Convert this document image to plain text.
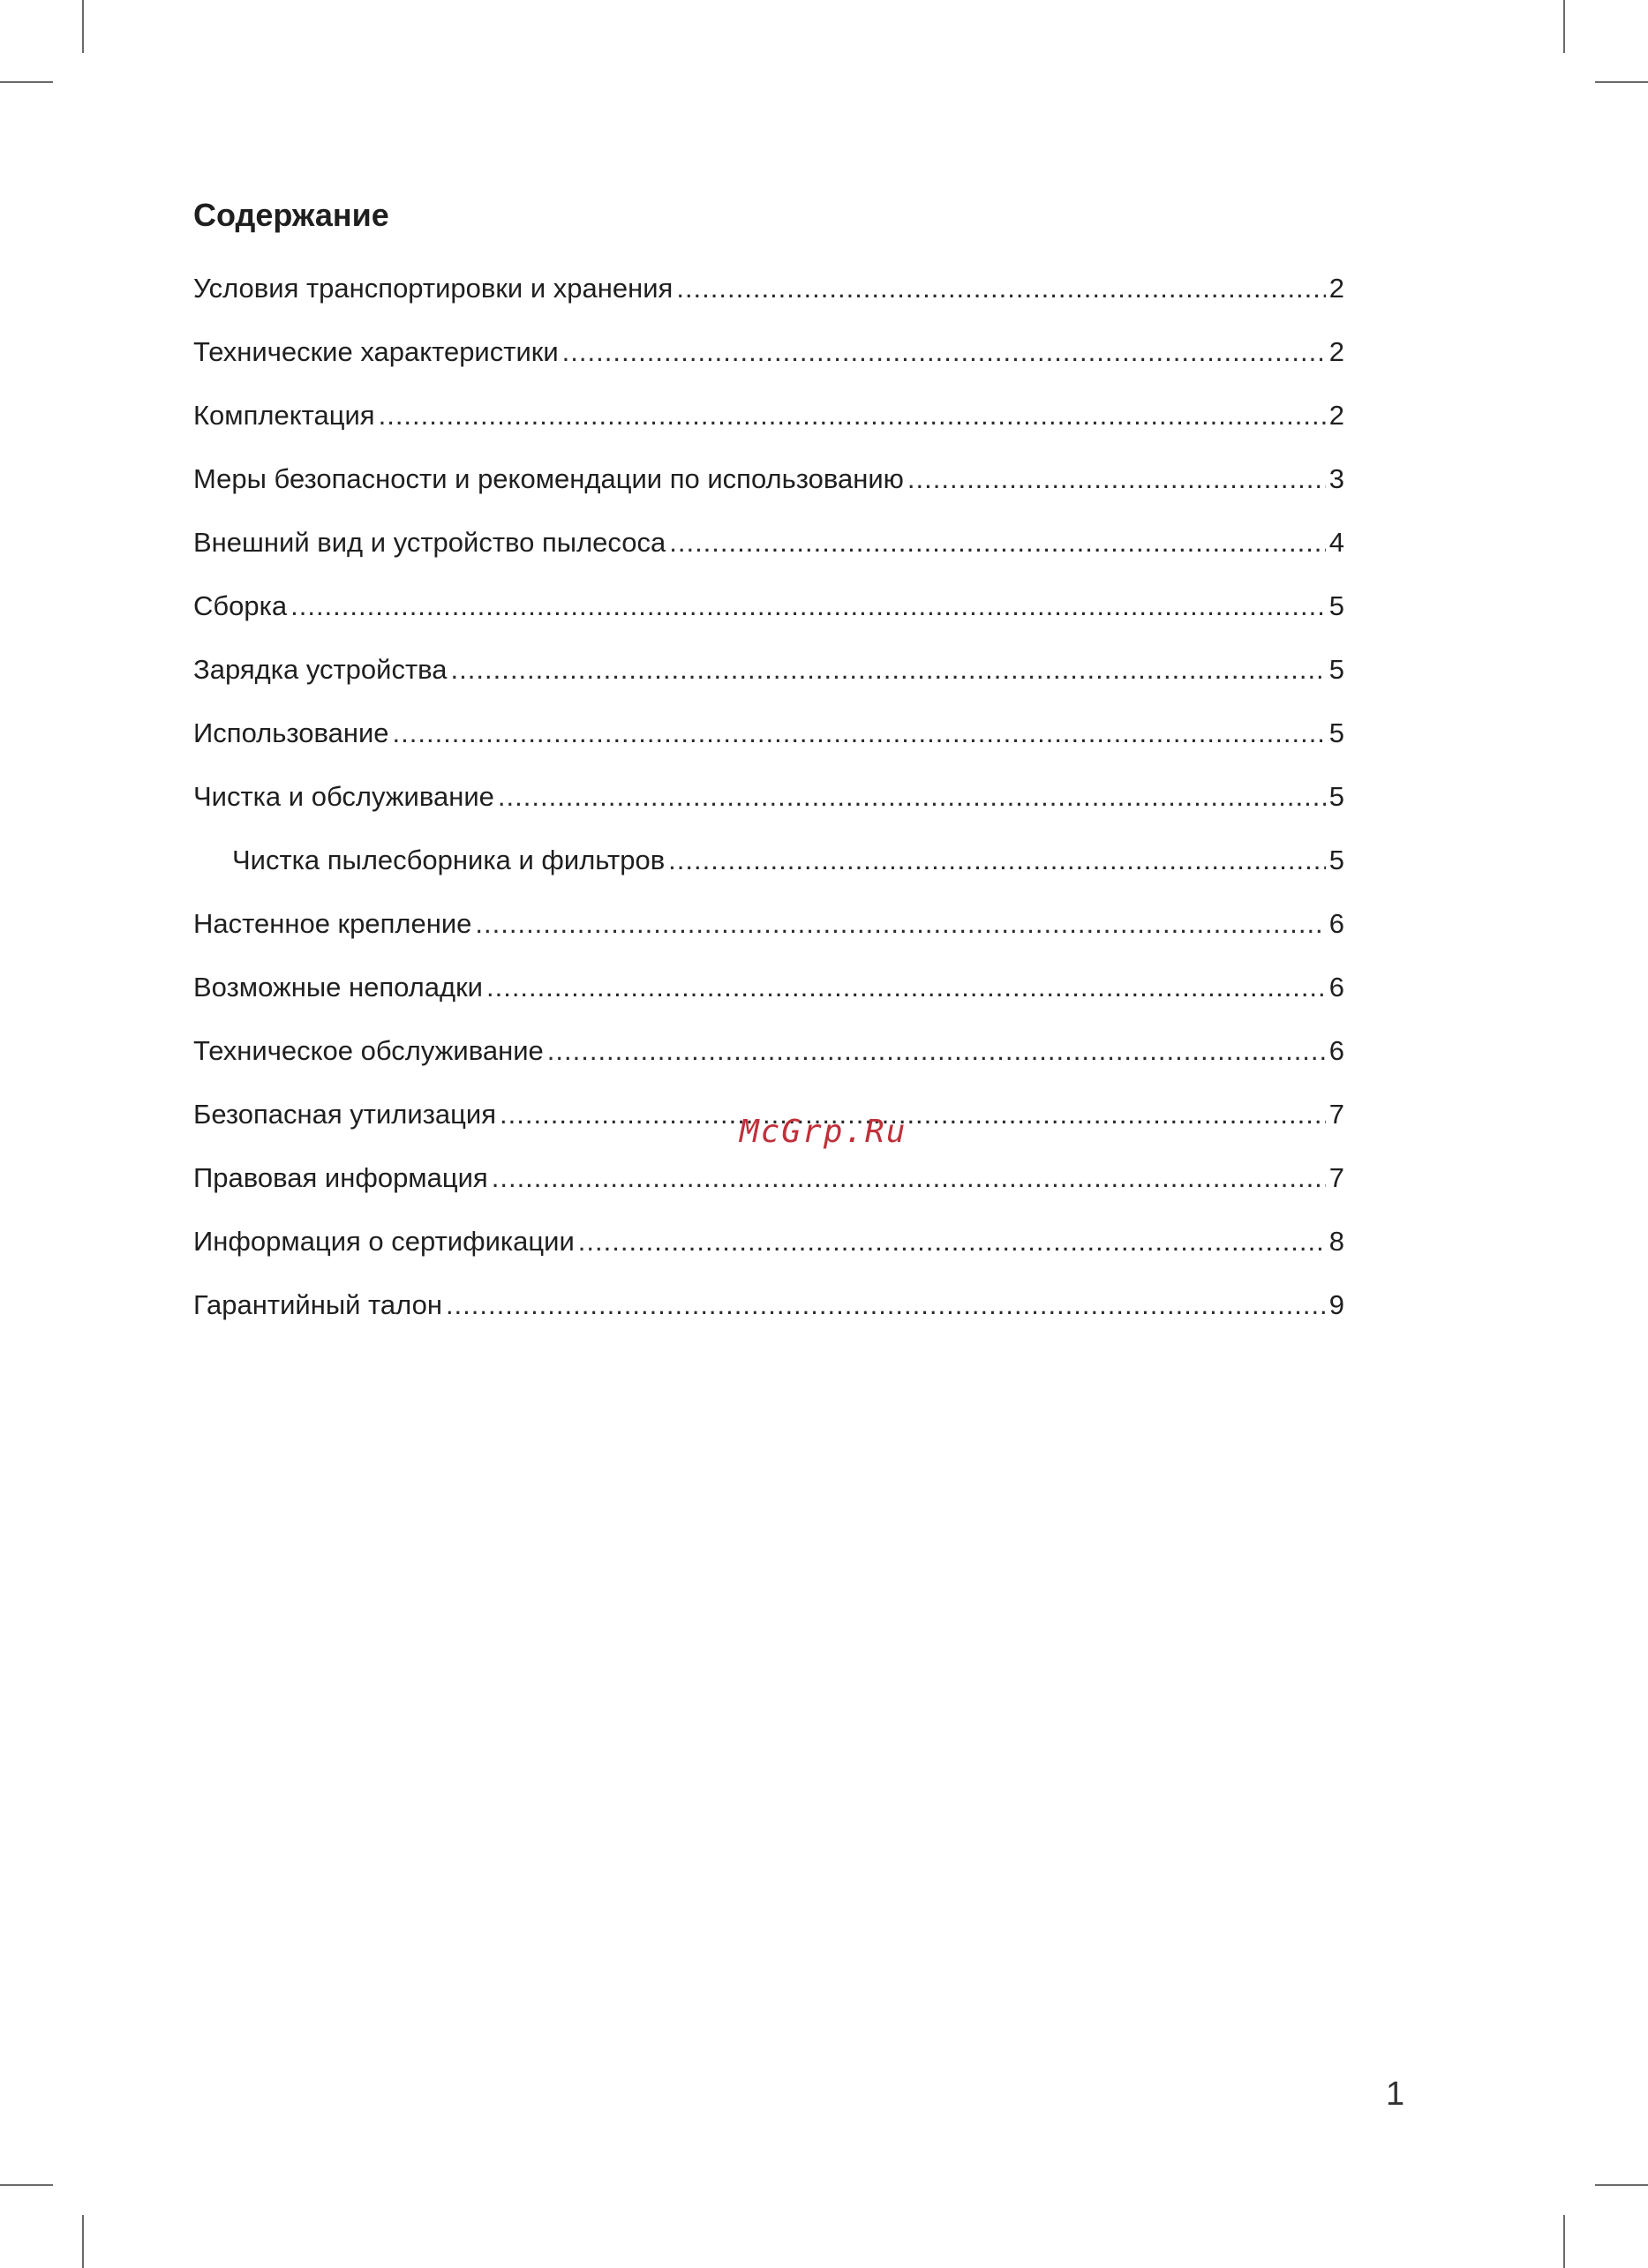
Содержание
Условия транспортировки и хранения .....	2
Технические характеристики .....	2
Комплектация .....	2
Меры безопасности и рекомендации по использованию .....	3
Внешний вид и устройство пылесоса .....	4
Сборка .....	5
Зарядка устройства .....	5
Использование .....	5
Чистка и обслуживание .....	5
Чистка пылесборника и фильтров .....	5
Настенное крепление .....	6
Возможные неполадки .....	6
Техническое обслуживание .....	6
Безопасная утилизация .....	7
Правовая информация .....	7
Информация о сертификации .....	8
Гарантийный талон .....	9
McGrp.Ru
1
